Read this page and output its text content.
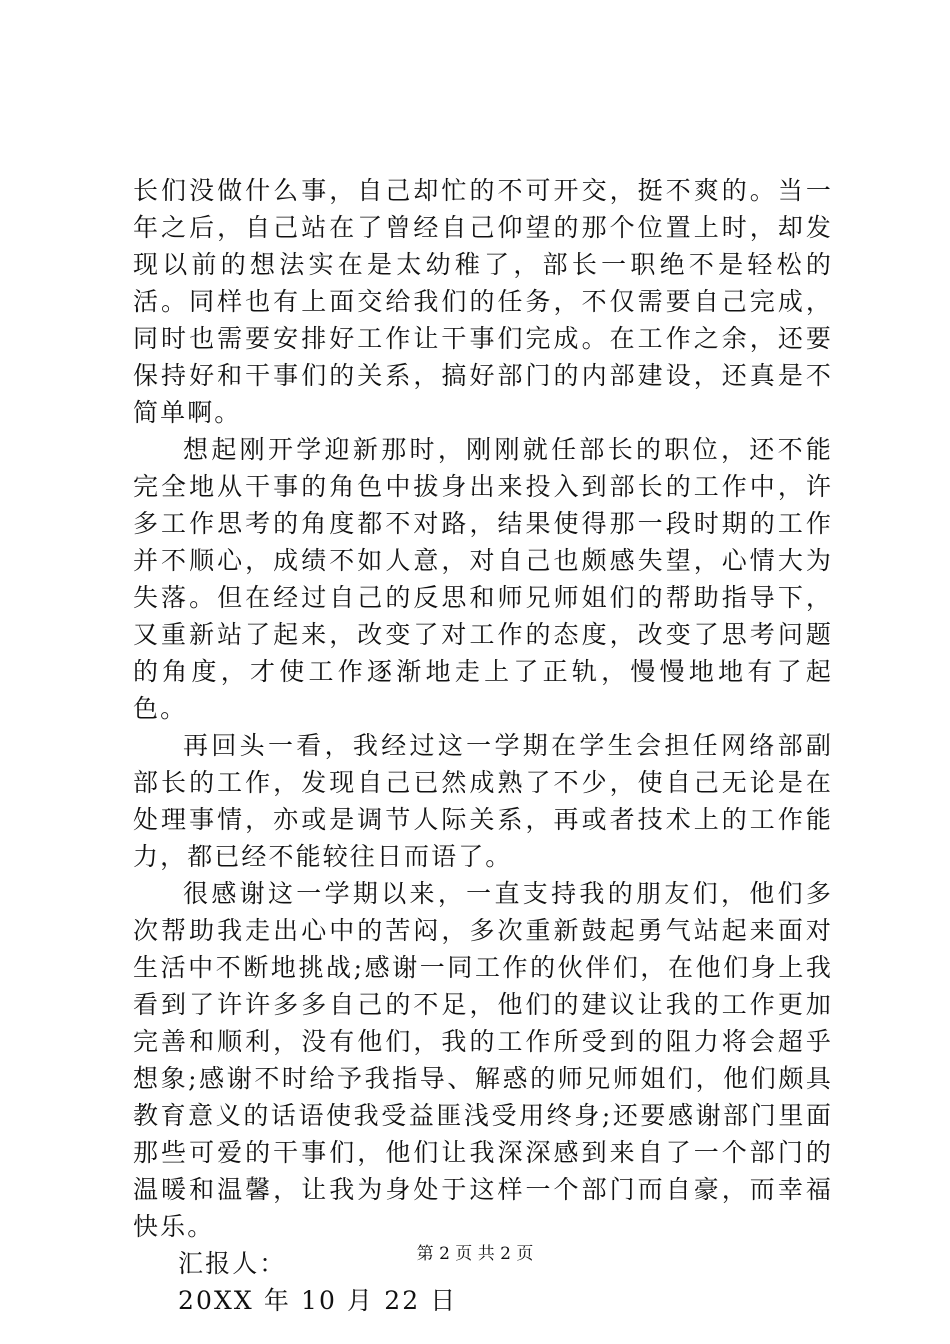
长们没做什么事，自己却忙的不可开交，挺不爽的。当一年之后，自己站在了曾经自己仰望的那个位置上时，却发现以前的想法实在是太幼稚了，部长一职绝不是轻松的活。同样也有上面交给我们的任务，不仅需要自己完成，同时也需要安排好工作让干事们完成。在工作之余，还要保持好和干事们的关系，搞好部门的内部建设，还真是不简单啊。

想起刚开学迎新那时，刚刚就任部长的职位，还不能完全地从干事的角色中拔身出来投入到部长的工作中，许多工作思考的角度都不对路，结果使得那一段时期的工作并不顺心，成绩不如人意，对自己也颇感失望，心情大为失落。但在经过自己的反思和师兄师姐们的帮助指导下，又重新站了起来，改变了对工作的态度，改变了思考问题的角度，才使工作逐渐地走上了正轨，慢慢地地有了起色。

再回头一看，我经过这一学期在学生会担任网络部副部长的工作，发现自己已然成熟了不少，使自己无论是在处理事情，亦或是调节人际关系，再或者技术上的工作能力，都已经不能较往日而语了。

很感谢这一学期以来，一直支持我的朋友们，他们多次帮助我走出心中的苦闷，多次重新鼓起勇气站起来面对生活中不断地挑战;感谢一同工作的伙伴们，在他们身上我看到了许许多多自己的不足，他们的建议让我的工作更加完善和顺利，没有他们，我的工作所受到的阻力将会超乎想象;感谢不时给予我指导、解惑的师兄师姐们，他们颇具教育意义的话语使我受益匪浅受用终身;还要感谢部门里面那些可爱的干事们，他们让我深深感到来自了一个部门的温暖和温馨，让我为身处于这样一个部门而自豪，而幸福快乐。

汇报人：

20XX 年 10 月 22 日

第 2 页 共 2 页
